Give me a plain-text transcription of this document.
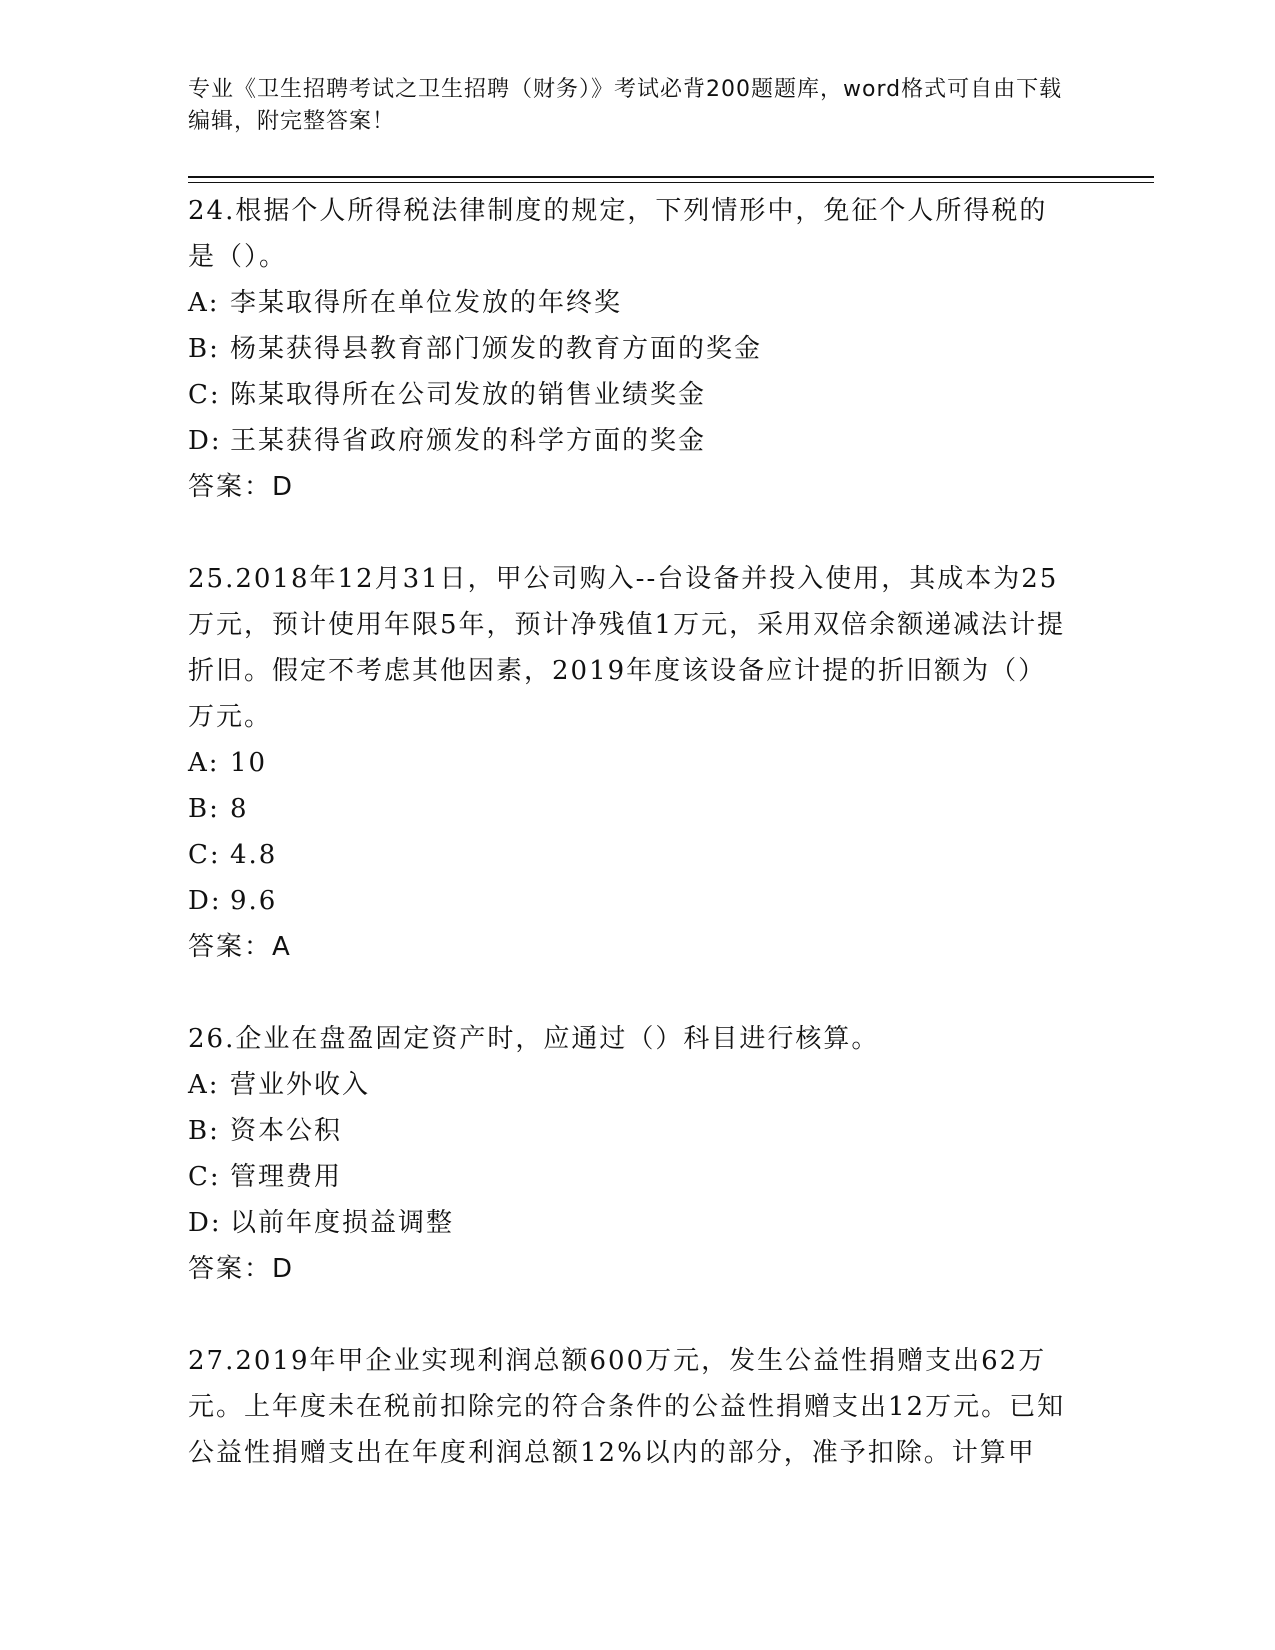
专业《卫生招聘考试之卫生招聘（财务）》考试必背200题题库，word格式可自由下载编辑，附完整答案！

24.根据个人所得税法律制度的规定，下列情形中，免征个人所得税的是（）。

A: 李某取得所在单位发放的年终奖

B: 杨某获得县教育部门颁发的教育方面的奖金

C: 陈某取得所在公司发放的销售业绩奖金

D: 王某获得省政府颁发的科学方面的奖金

答案：D

25.2018年12月31日，甲公司购入--台设备并投入使用，其成本为25万元，预计使用年限5年，预计净残值1万元，采用双倍余额递减法计提折旧。假定不考虑其他因素，2019年度该设备应计提的折旧额为（）万元。

A: 10

B: 8

C: 4.8

D: 9.6

答案：A

26.企业在盘盈固定资产时，应通过（）科目进行核算。

A: 营业外收入

B: 资本公积

C: 管理费用

D: 以前年度损益调整

答案：D

27.2019年甲企业实现利润总额600万元，发生公益性捐赠支出62万元。上年度未在税前扣除完的符合条件的公益性捐赠支出12万元。已知公益性捐赠支出在年度利润总额12%以内的部分，准予扣除。计算甲
